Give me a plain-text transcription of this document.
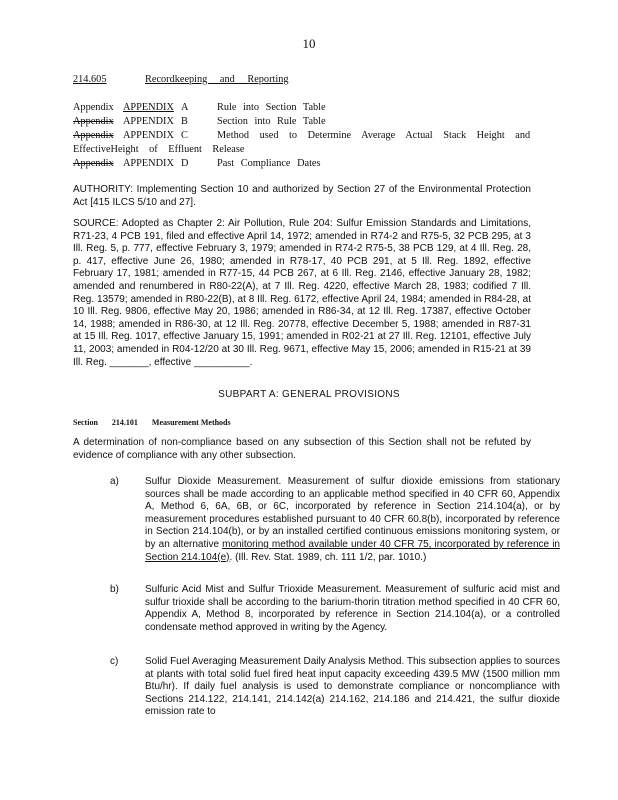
10
214.605	Recordkeeping and Reporting
Appendix APPENDIX A	Rule into Section Table
Appendix APPENDIX B	Section into Rule Table
Appendix APPENDIX C	Method used to Determine Average Actual Stack Height and
EffectiveHeight of Effluent Release
Appendix APPENDIX D	Past Compliance Dates
AUTHORITY: Implementing Section 10 and authorized by Section 27 of the Environmental Protection Act [415 ILCS 5/10 and 27].
SOURCE: Adopted as Chapter 2: Air Pollution, Rule 204: Sulfur Emission Standards and Limitations, R71-23, 4 PCB 191, filed and effective April 14, 1972; amended in R74-2 and R75-5, 32 PCB 295, at 3 Ill. Reg. 5, p. 777, effective February 3, 1979; amended in R74-2 R75-5, 38 PCB 129, at 4 Ill. Reg. 28, p. 417, effective June 26, 1980; amended in R78-17, 40 PCB 291, at 5 Ill. Reg. 1892, effective February 17, 1981; amended in R77-15, 44 PCB 267, at 6 Ill. Reg. 2146, effective January 28, 1982; amended and renumbered in R80-22(A), at 7 Ill. Reg. 4220, effective March 28, 1983; codified 7 Ill. Reg. 13579; amended in R80-22(B), at 8 Ill. Reg. 6172, effective April 24, 1984; amended in R84-28, at 10 Ill. Reg. 9806, effective May 20, 1986; amended in R86-34, at 12 Ill. Reg. 17387, effective October 14, 1988; amended in R86-30, at 12 Ill. Reg. 20778, effective December 5, 1988; amended in R87-31 at 15 Ill. Reg. 1017, effective January 15, 1991; amended in R02-21 at 27 Ill. Reg. 12101, effective July 11, 2003; amended in R04-12/20 at 30 Ill. Reg. 9671, effective May 15, 2006; amended in R15-21 at 39 Ill. Reg. _______, effective __________.
SUBPART A: GENERAL PROVISIONS
Section 214.101 Measurement Methods
A determination of non-compliance based on any subsection of this Section shall not be refuted by evidence of compliance with any other subsection.
a)	Sulfur Dioxide Measurement. Measurement of sulfur dioxide emissions from stationary sources shall be made according to an applicable method specified in 40 CFR 60, Appendix A, Method 6, 6A, 6B, or 6C, incorporated by reference in Section 214.104(a), or by measurement procedures established pursuant to 40 CFR 60.8(b), incorporated by reference in Section 214.104(b), or by an installed certified continuous emissions monitoring system, or by an alternative monitoring method available under 40 CFR 75, incorporated by reference in Section 214.104(e). (Ill. Rev. Stat. 1989, ch. 111 1/2, par. 1010.)
b)	Sulfuric Acid Mist and Sulfur Trioxide Measurement. Measurement of sulfuric acid mist and sulfur trioxide shall be according to the barium-thorin titration method specified in 40 CFR 60, Appendix A, Method 8, incorporated by reference in Section 214.104(a), or a controlled condensate method approved in writing by the Agency.
c)	Solid Fuel Averaging Measurement Daily Analysis Method. This subsection applies to sources at plants with total solid fuel fired heat input capacity exceeding 439.5 MW (1500 million mm Btu/hr). If daily fuel analysis is used to demonstrate compliance or noncompliance with Sections 214.122, 214.141, 214.142(a) 214.162, 214.186 and 214.421, the sulfur dioxide emission rate to
